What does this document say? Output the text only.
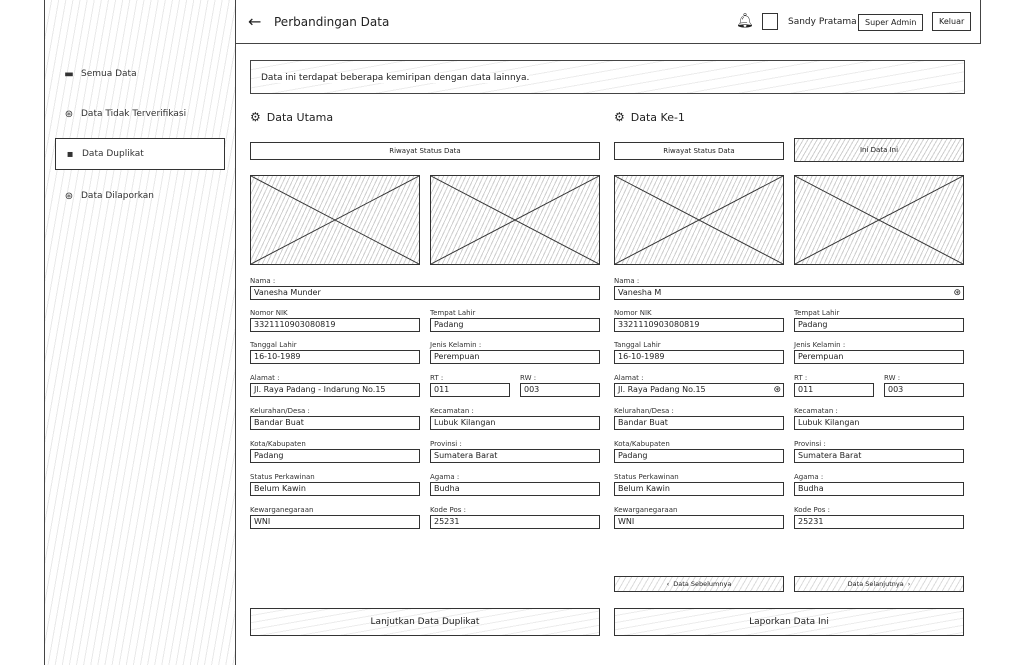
▬ Semua Data
⊛ Data Tidak Terverifikasi
▪ Data Duplikat
⊛ Data Dilaporkan
← Perbandingan Data	🔔︎	Sandy Pratama	Super Admin	Keluar
Data ini terdapat beberapa kemiripan dengan data lainnya.
⚙ Data Utama
Riwayat Status Data
Nama :
Vanesha Munder
Nomor NIK
3321110903080819
Tempat Lahir
Padang
Tanggal Lahir
16-10-1989
Jenis Kelamin :
Perempuan
Alamat :
Jl. Raya Padang - Indarung No.15
RT :
011
RW :
003
Kelurahan/Desa :
Bandar Buat
Kecamatan :
Lubuk Kilangan
Kota/Kabupaten
Padang
Provinsi :
Sumatera Barat
Status Perkawinan
Belum Kawin
Agama :
Budha
Kewarganegaraan
WNI
Kode Pos :
25231
Lanjutkan Data Duplikat
⚙ Data Ke-1
Riwayat Status Data	Ini Data Ini
Nama :
Vanesha M	⊛
Nomor NIK
3321110903080819
Tempat Lahir
Padang
Tanggal Lahir
16-10-1989
Jenis Kelamin :
Perempuan
Alamat :
Jl. Raya Padang No.15	⊛
RT :
011
RW :
003
Kelurahan/Desa :
Bandar Buat
Kecamatan :
Lubuk Kilangan
Kota/Kabupaten
Padang
Provinsi :
Sumatera Barat
Status Perkawinan
Belum Kawin
Agama :
Budha
Kewarganegaraan
WNI
Kode Pos :
25231
‹ Data Sebelumnya	Data Selanjutnya ›
Laporkan Data Ini
